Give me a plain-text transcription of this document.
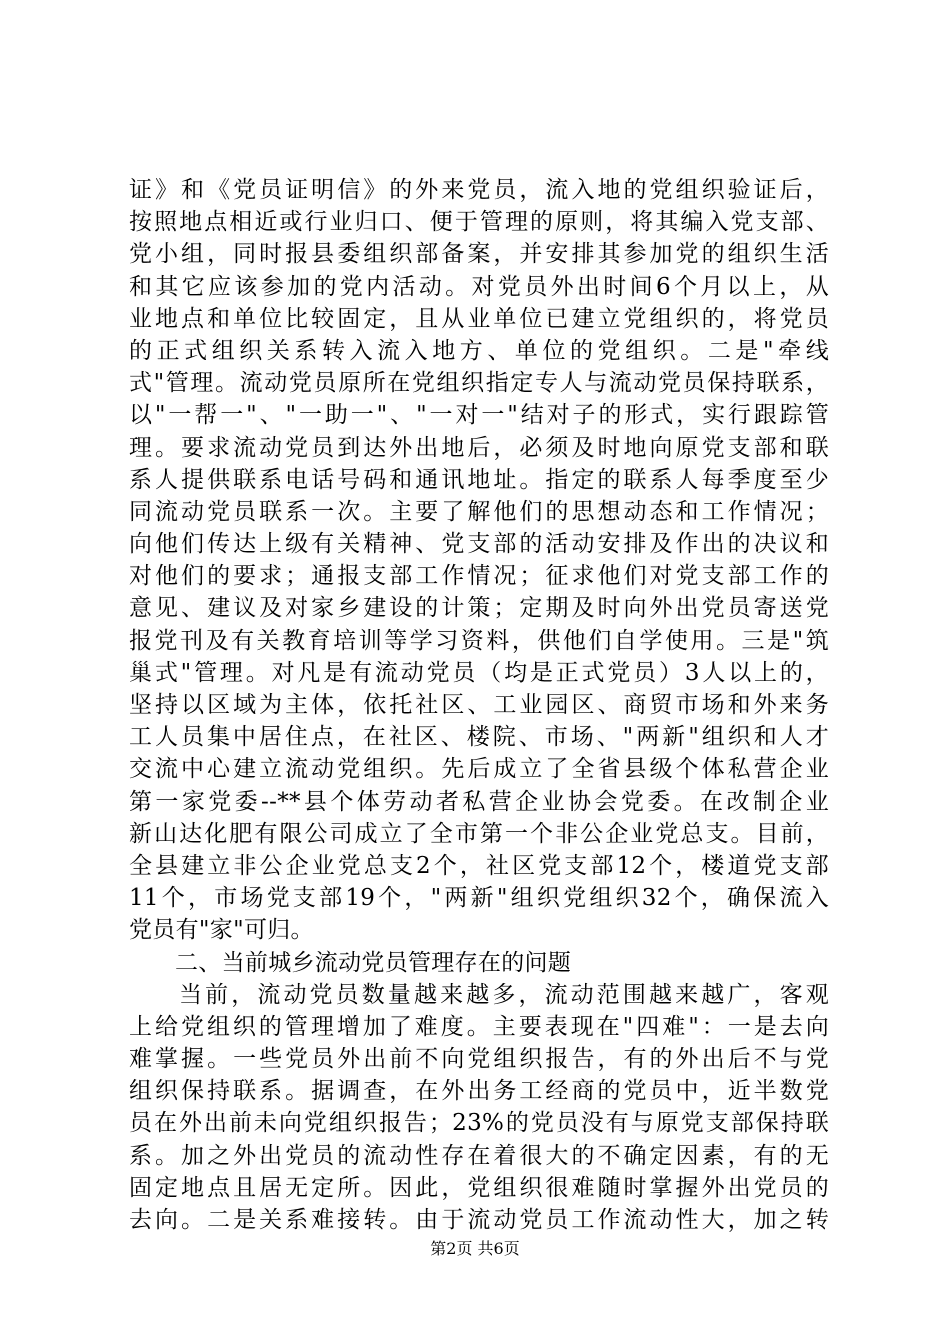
证》和《党员证明信》的外来党员，流入地的党组织验证后，
按照地点相近或行业归口、便于管理的原则，将其编入党支部、
党小组，同时报县委组织部备案，并安排其参加党的组织生活
和其它应该参加的党内活动。对党员外出时间6个月以上，从
业地点和单位比较固定，且从业单位已建立党组织的，将党员
的正式组织关系转入流入地方、单位的党组织。二是"牵线
式"管理。流动党员原所在党组织指定专人与流动党员保持联系，
以"一帮一"、"一助一"、"一对一"结对子的形式，实行跟踪管
理。要求流动党员到达外出地后，必须及时地向原党支部和联
系人提供联系电话号码和通讯地址。指定的联系人每季度至少
同流动党员联系一次。主要了解他们的思想动态和工作情况；
向他们传达上级有关精神、党支部的活动安排及作出的决议和
对他们的要求；通报支部工作情况；征求他们对党支部工作的
意见、建议及对家乡建设的计策；定期及时向外出党员寄送党
报党刊及有关教育培训等学习资料，供他们自学使用。三是"筑
巢式"管理。对凡是有流动党员（均是正式党员）3人以上的，
坚持以区域为主体，依托社区、工业园区、商贸市场和外来务
工人员集中居住点，在社区、楼院、市场、"两新"组织和人才
交流中心建立流动党组织。先后成立了全省县级个体私营企业
第一家党委--**县个体劳动者私营企业协会党委。在改制企业
新山达化肥有限公司成立了全市第一个非公企业党总支。目前，
全县建立非公企业党总支2个，社区党支部12个，楼道党支部
11个，市场党支部19个，"两新"组织党组织32个，确保流入
党员有"家"可归。
二、当前城乡流动党员管理存在的问题
当前，流动党员数量越来越多，流动范围越来越广，客观
上给党组织的管理增加了难度。主要表现在"四难"：一是去向
难掌握。一些党员外出前不向党组织报告，有的外出后不与党
组织保持联系。据调查，在外出务工经商的党员中，近半数党
员在外出前未向党组织报告；23%的党员没有与原党支部保持联
系。加之外出党员的流动性存在着很大的不确定因素，有的无
固定地点且居无定所。因此，党组织很难随时掌握外出党员的
去向。二是关系难接转。由于流动党员工作流动性大，加之转
第2页 共6页
